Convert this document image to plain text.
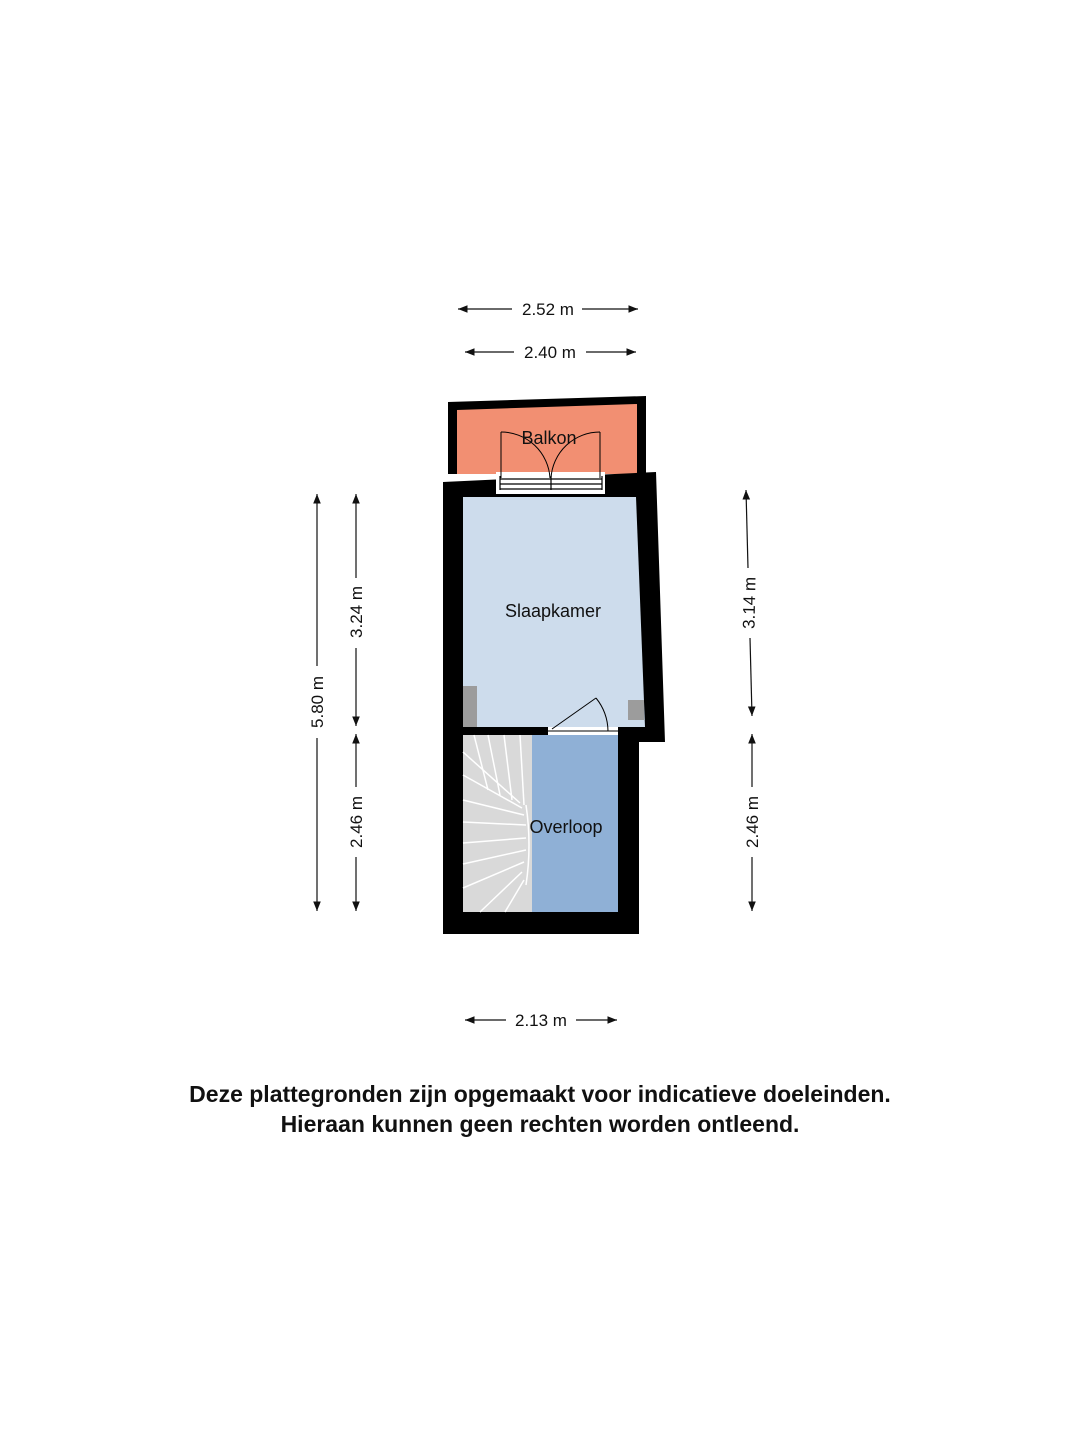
Balkon
Slaapkamer
Overloop
2.52 m
2.40 m
2.13 m
5.80 m
3.24 m
2.46 m
3.14 m
2.46 m
Deze plattegronden zijn opgemaakt voor indicatieve doeleinden.
Hieraan kunnen geen rechten worden ontleend.
